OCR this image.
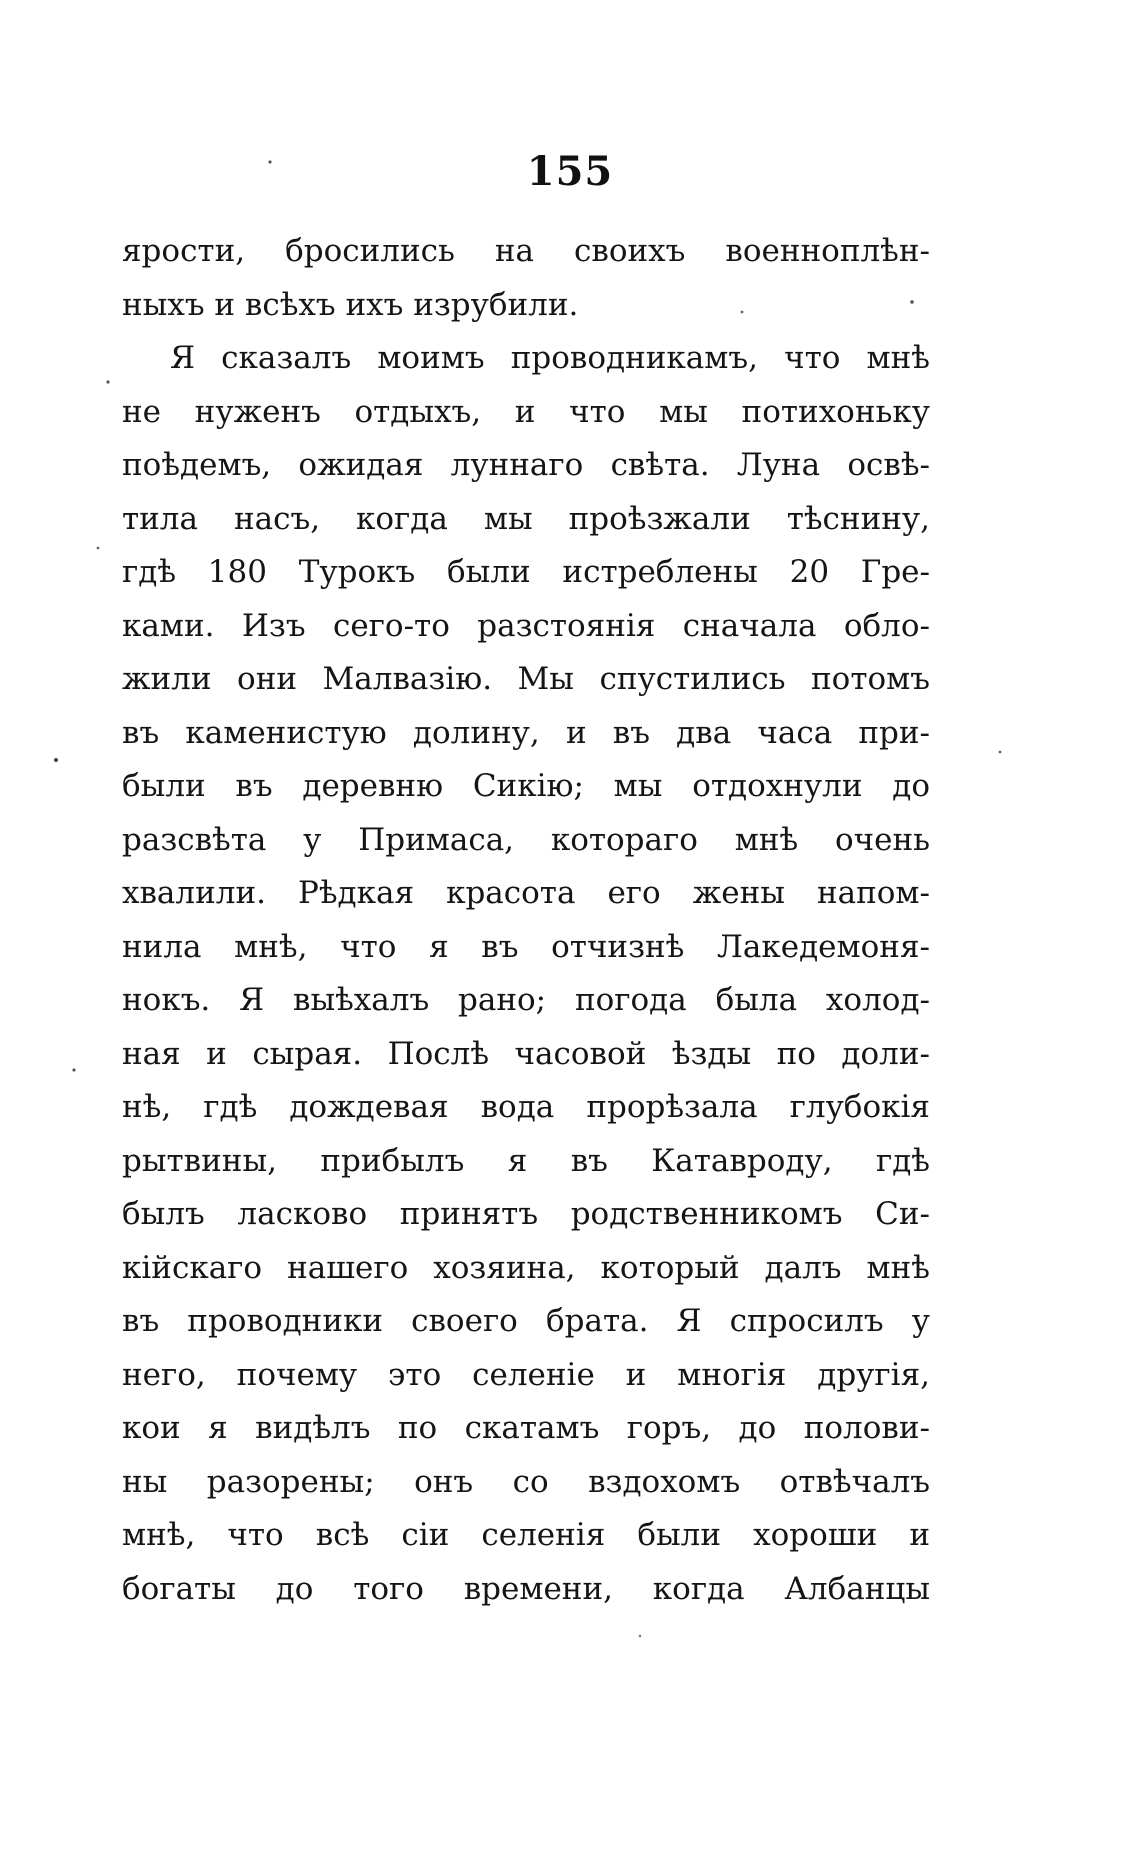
155
ярости, бросились на своихъ военноплѣн-
ныхъ и всѣхъ ихъ изрубили.
Я сказалъ моимъ проводникамъ, что мнѣ
не нуженъ отдыхъ, и что мы потихоньку
поѣдемъ, ожидая луннаго свѣта. Луна освѣ-
тила насъ, когда мы проѣзжали тѣснину,
гдѣ 180 Турокъ были истреблены 20 Гре-
ками. Изъ сего-то разстоянія сначала обло-
жили они Малвазію. Мы спустились потомъ
въ каменистую долину, и въ два часа при-
были въ деревню Сикію; мы отдохнули до
разсвѣта у Примаса, котораго мнѣ очень
хвалили. Рѣдкая красота его жены напом-
нила мнѣ, что я въ отчизнѣ Лакедемоня-
нокъ. Я выѣхалъ рано; погода была холод-
ная и сырая. Послѣ часовой ѣзды по доли-
нѣ, гдѣ дождевая вода прорѣзала глубокія
рытвины, прибылъ я въ Катавроду, гдѣ
былъ ласково принятъ родственникомъ Си-
кійскаго нашего хозяина, который далъ мнѣ
въ проводники своего брата. Я спросилъ у
него, почему это селеніе и многія другія,
кои я видѣлъ по скатамъ горъ, до полови-
ны разорены; онъ со вздохомъ отвѣчалъ
мнѣ, что всѣ сіи селенія были хороши и
богаты до того времени, когда Албанцы
